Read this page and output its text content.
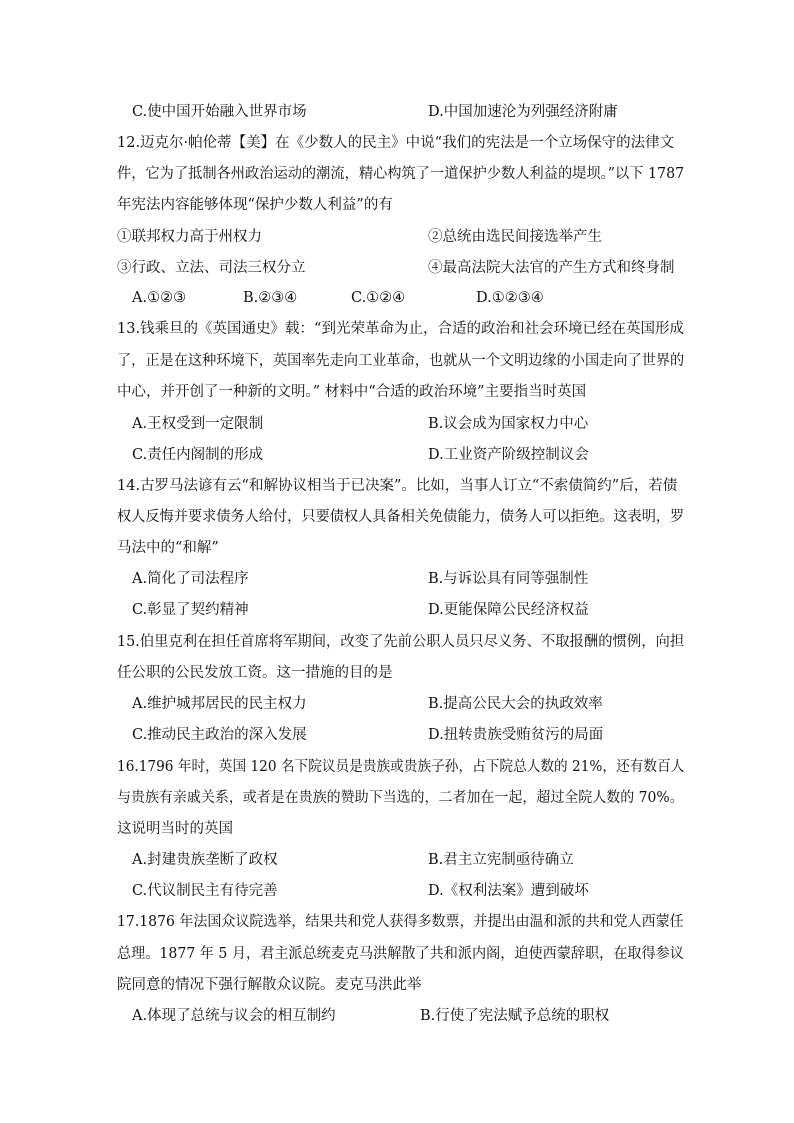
C.使中国开始融入世界市场	D.中国加速沦为列强经济附庸
12.迈克尔·帕伦蒂【美】在《少数人的民主》中说“我们的宪法是一个立场保守的法律文
件，它为了抵制各州政治运动的潮流，精心构筑了一道保护少数人利益的堤坝。”以下 1787
年宪法内容能够体现“保护少数人利益”的有
①联邦权力高于州权力	②总统由选民间接选举产生
③行政、立法、司法三权分立	④最高法院大法官的产生方式和终身制
A.①②③	B.②③④	C.①②④	D.①②③④
13.钱乘旦的《英国通史》载：“到光荣革命为止，合适的政治和社会环境已经在英国形成
了，正是在这种环境下，英国率先走向工业革命，也就从一个文明边缘的小国走向了世界的
中心，并开创了一种新的文明。” 材料中“合适的政治环境”主要指当时英国
A.王权受到一定限制	B.议会成为国家权力中心
C.责任内阁制的形成	D.工业资产阶级控制议会
14.古罗马法谚有云“和解协议相当于已决案”。比如，当事人订立“不索债简约”后，若债
权人反悔并要求债务人给付，只要债权人具备相关免债能力，债务人可以拒绝。这表明，罗
马法中的“和解”
A.简化了司法程序	B.与诉讼具有同等强制性
C.彰显了契约精神	D.更能保障公民经济权益
15.伯里克利在担任首席将军期间，改变了先前公职人员只尽义务、不取报酬的惯例，向担
任公职的公民发放工资。这一措施的目的是
A.维护城邦居民的民主权力	B.提高公民大会的执政效率
C.推动民主政治的深入发展	D.扭转贵族受贿贫污的局面
16.1796 年时，英国 120 名下院议员是贵族或贵族子孙，占下院总人数的 21%，还有数百人
与贵族有亲戚关系，或者是在贵族的赞助下当选的，二者加在一起，超过全院人数的 70%。
这说明当时的英国
A.封建贵族垄断了政权	B.君主立宪制亟待确立
C.代议制民主有待完善	D.《权利法案》遭到破坏
17.1876 年法国众议院选举，结果共和党人获得多数票，并提出由温和派的共和党人西蒙任
总理。1877 年 5 月，君主派总统麦克马洪解散了共和派内阁，迫使西蒙辞职，在取得参议
院同意的情况下强行解散众议院。麦克马洪此举
A.体现了总统与议会的相互制约	B.行使了宪法赋予总统的职权
